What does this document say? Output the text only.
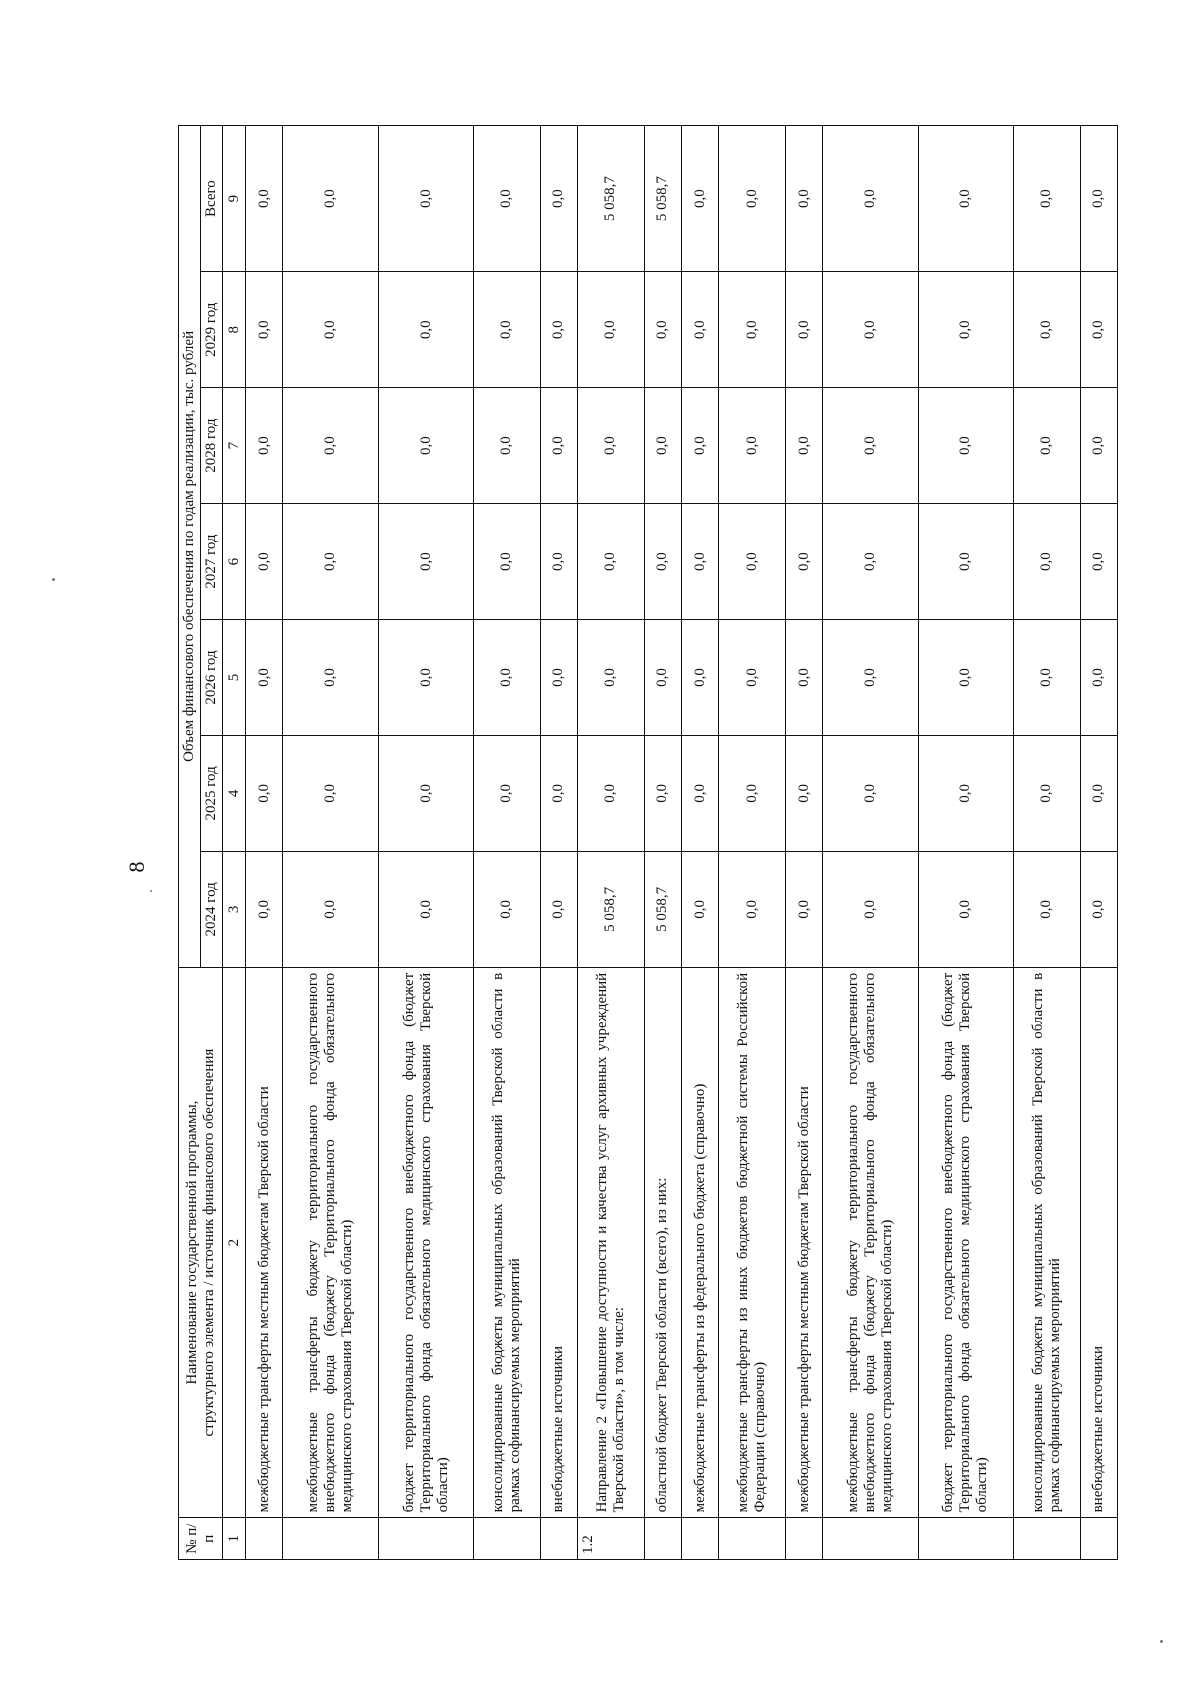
8
№ п/п	Наименование государственной программы,
структурного элемента / источник финансового обеспечения	Объем финансового обеспечения по годам реализации, тыс. рублей						
		2024 год	2025 год	2026 год	2027 год	2028 год	2029 год	Всего
1	2	3	4	5	6	7	8	9
	межбюджетные трансферты местным бюджетам Тверской области	0,0	0,0	0,0	0,0	0,0	0,0	0,0
	межбюджетные трансферты бюджету территориального государственного внебюджетного фонда (бюджету Территориального фонда обязательного медицинского страхования Тверской области)	0,0	0,0	0,0	0,0	0,0	0,0	0,0
	бюджет территориального государственного внебюджетного фонда (бюджет Территориального фонда обязательного медицинского страхования Тверской области)	0,0	0,0	0,0	0,0	0,0	0,0	0,0
	консолидированные бюджеты муниципальных образований Тверской области в рамках софинансируемых мероприятий	0,0	0,0	0,0	0,0	0,0	0,0	0,0
	внебюджетные источники	0,0	0,0	0,0	0,0	0,0	0,0	0,0
1.2	Направление 2 «Повышение доступности и качества услуг архивных учреждений Тверской области», в том числе:	5 058,7	0,0	0,0	0,0	0,0	0,0	5 058,7
	областной бюджет Тверской области (всего), из них:	5 058,7	0,0	0,0	0,0	0,0	0,0	5 058,7
	межбюджетные трансферты из федерального бюджета (справочно)	0,0	0,0	0,0	0,0	0,0	0,0	0,0
	межбюджетные трансферты из иных бюджетов бюджетной системы Российской Федерации (справочно)	0,0	0,0	0,0	0,0	0,0	0,0	0,0
	межбюджетные трансферты местным бюджетам Тверской области	0,0	0,0	0,0	0,0	0,0	0,0	0,0
	межбюджетные трансферты бюджету территориального государственного внебюджетного фонда (бюджету Территориального фонда обязательного медицинского страхования Тверской области)	0,0	0,0	0,0	0,0	0,0	0,0	0,0
	бюджет территориального государственного внебюджетного фонда (бюджет Территориального фонда обязательного медицинского страхования Тверской области)	0,0	0,0	0,0	0,0	0,0	0,0	0,0
	консолидированные бюджеты муниципальных образований Тверской области в рамках софинансируемых мероприятий	0,0	0,0	0,0	0,0	0,0	0,0	0,0
	внебюджетные источники	0,0	0,0	0,0	0,0	0,0	0,0	0,0
